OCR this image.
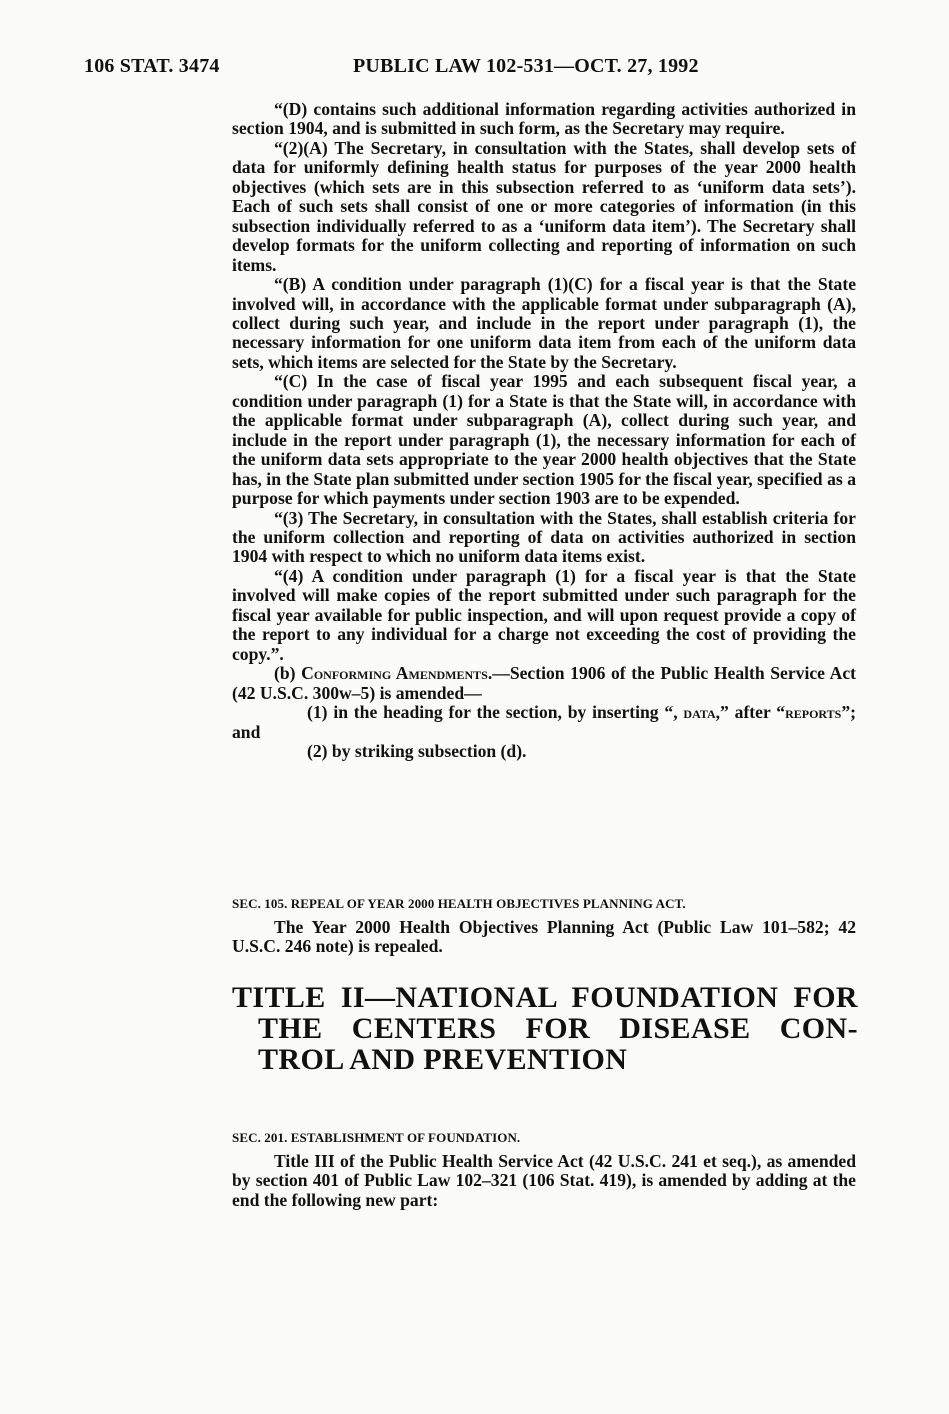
106 STAT. 3474	PUBLIC LAW 102-531—OCT. 27, 1992

“(D) contains such additional information regarding activities authorized in section 1904, and is submitted in such form, as the Secretary may require.

“(2)(A) The Secretary, in consultation with the States, shall develop sets of data for uniformly defining health status for purposes of the year 2000 health objectives (which sets are in this subsection referred to as ‘uniform data sets’). Each of such sets shall consist of one or more categories of information (in this subsection individually referred to as a ‘uniform data item’). The Secretary shall develop formats for the uniform collecting and reporting of information on such items.

“(B) A condition under paragraph (1)(C) for a fiscal year is that the State involved will, in accordance with the applicable format under subparagraph (A), collect during such year, and include in the report under paragraph (1), the necessary information for one uniform data item from each of the uniform data sets, which items are selected for the State by the Secretary.

“(C) In the case of fiscal year 1995 and each subsequent fiscal year, a condition under paragraph (1) for a State is that the State will, in accordance with the applicable format under subparagraph (A), collect during such year, and include in the report under paragraph (1), the necessary information for each of the uniform data sets appropriate to the year 2000 health objectives that the State has, in the State plan submitted under section 1905 for the fiscal year, specified as a purpose for which payments under section 1903 are to be expended.

“(3) The Secretary, in consultation with the States, shall establish criteria for the uniform collection and reporting of data on activities authorized in section 1904 with respect to which no uniform data items exist.

“(4) A condition under paragraph (1) for a fiscal year is that the State involved will make copies of the report submitted under such paragraph for the fiscal year available for public inspection, and will upon request provide a copy of the report to any individual for a charge not exceeding the cost of providing the copy.”.

(b) Conforming Amendments.—Section 1906 of the Public Health Service Act (42 U.S.C. 300w–5) is amended—

(1) in the heading for the section, by inserting “, data,” after “reports”; and

(2) by striking subsection (d).

SEC. 105. REPEAL OF YEAR 2000 HEALTH OBJECTIVES PLANNING ACT.

The Year 2000 Health Objectives Planning Act (Public Law 101–582; 42 U.S.C. 246 note) is repealed.

TITLE II—NATIONAL FOUNDATION FOR
THE CENTERS FOR DISEASE CON-
TROL AND PREVENTION
SEC. 201. ESTABLISHMENT OF FOUNDATION.

Title III of the Public Health Service Act (42 U.S.C. 241 et seq.), as amended by section 401 of Public Law 102–321 (106 Stat. 419), is amended by adding at the end the following new part:
